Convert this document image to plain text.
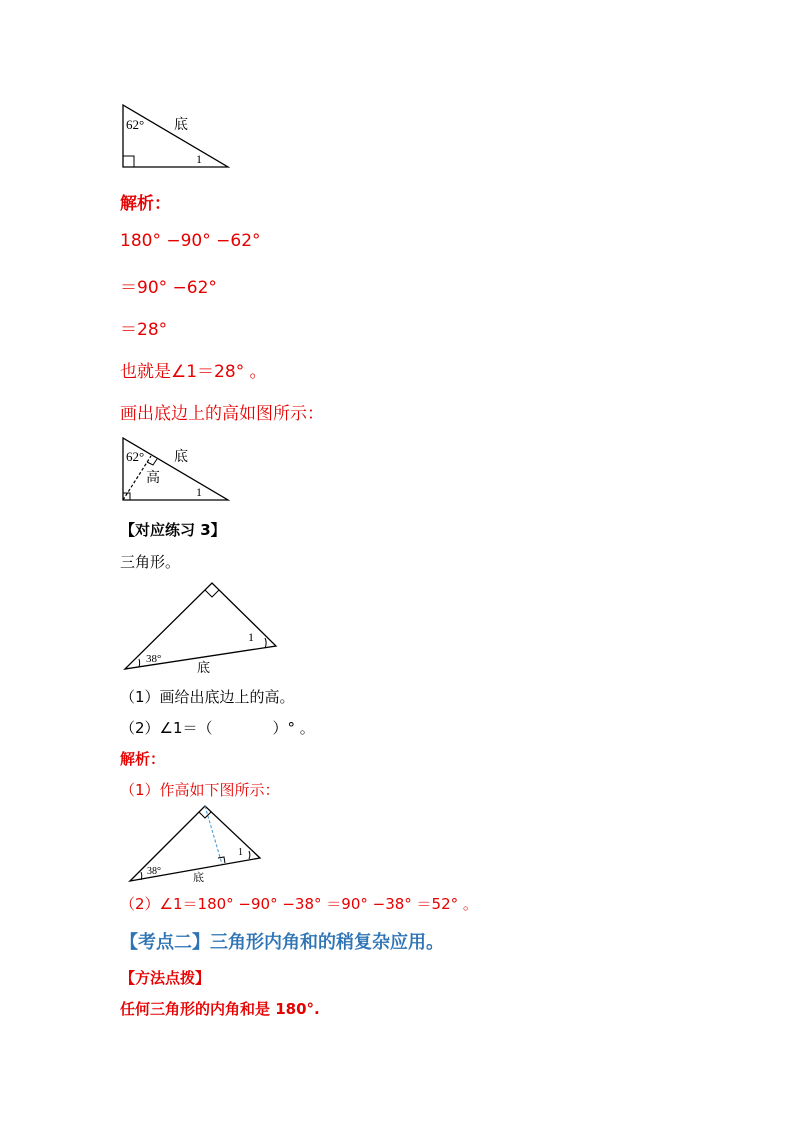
62° 底
1
解析：
180° −90° −62°
＝90° −62°
＝28°
也就是∠1＝28° 。
画出底边上的高如图所示：
62° 底
高
1
【对应练习 3】
三角形。
38°
底
1
（1）画给出底边上的高。
（2）∠1＝（　　　　）° 。
解析：
（1）作高如下图所示：
38°
底
1
（2）∠1＝180° −90° −38° ＝90° −38° ＝52° 。
【考点二】三角形内角和的稍复杂应用。
【方法点拨】
任何三角形的内角和是 180°.
